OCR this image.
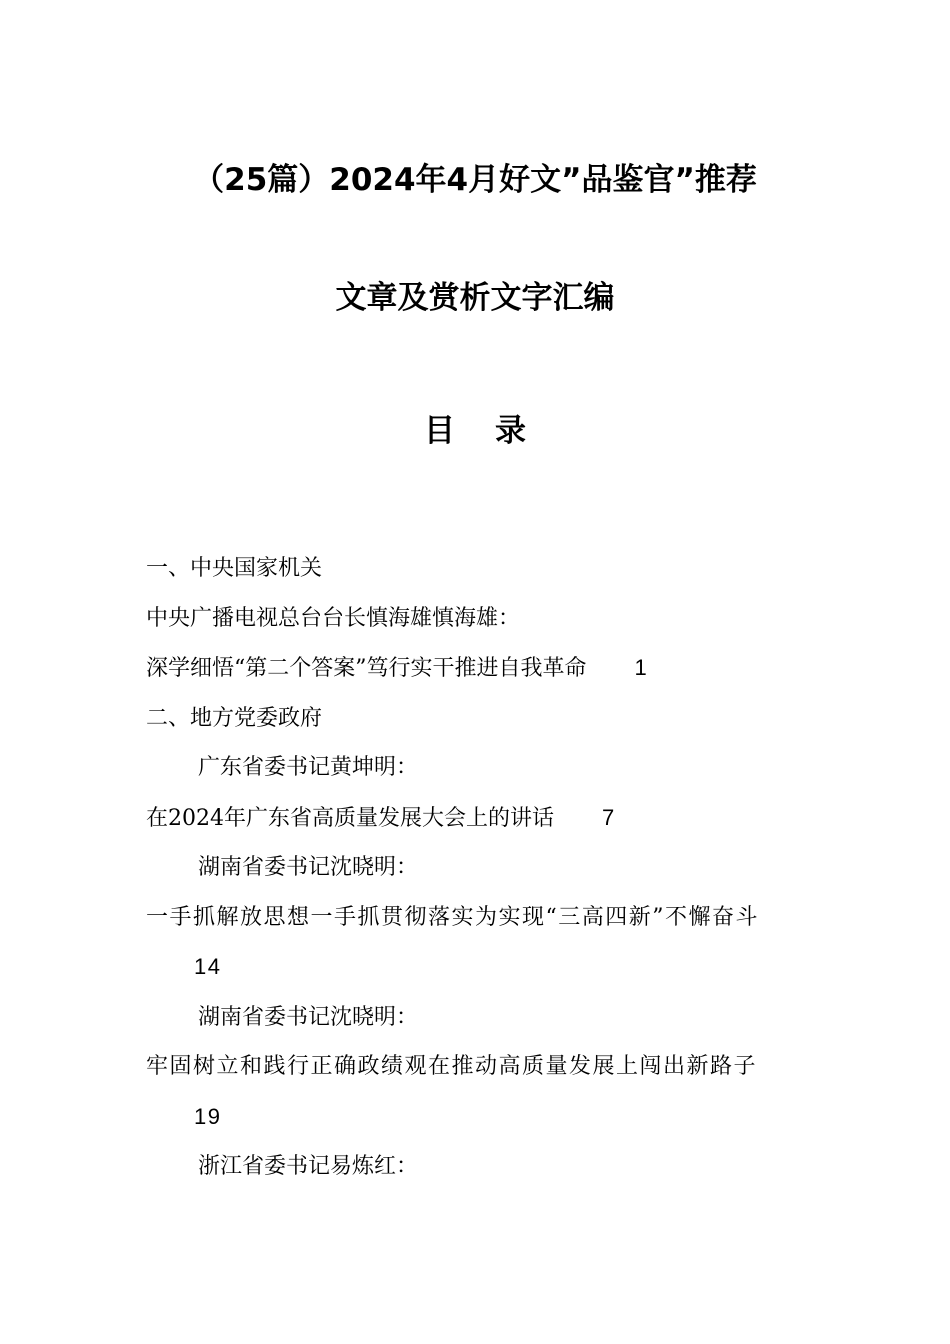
（25篇）2024年4月好文”品鉴官”推荐
文章及赏析文字汇编
目录
一、中央国家机关
中央广播电视总台台长慎海雄慎海雄：
深学细悟“第二个答案”笃行实干推进自我革命 1
二、地方党委政府
广东省委书记黄坤明：
在2024年广东省高质量发展大会上的讲话 7
湖南省委书记沈晓明：
一手抓解放思想一手抓贯彻落实为实现“三高四新”不懈奋斗14
湖南省委书记沈晓明：
牢固树立和践行正确政绩观在推动高质量发展上闯出新路子19
浙江省委书记易炼红：
